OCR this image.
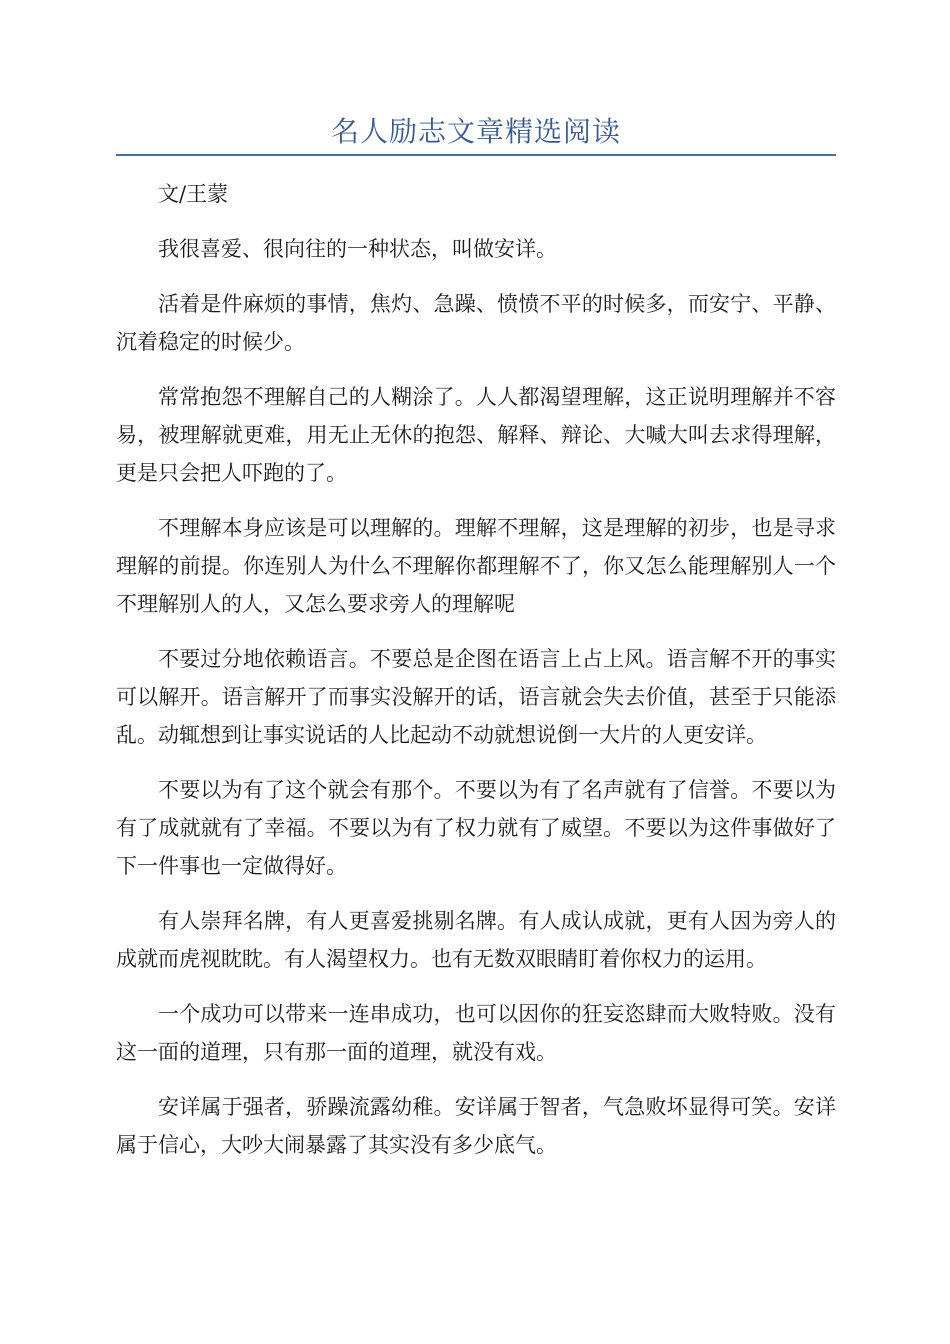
名人励志文章精选阅读

文/王蒙

我很喜爱、很向往的一种状态，叫做安详。

活着是件麻烦的事情，焦灼、急躁、愤愤不平的时候多，而安宁、平静、沉着稳定的时候少。

常常抱怨不理解自己的人糊涂了。人人都渴望理解，这正说明理解并不容易，被理解就更难，用无止无休的抱怨、解释、辩论、大喊大叫去求得理解，更是只会把人吓跑的了。

不理解本身应该是可以理解的。理解不理解，这是理解的初步，也是寻求理解的前提。你连别人为什么不理解你都理解不了，你又怎么能理解别人一个不理解别人的人，又怎么要求旁人的理解呢

不要过分地依赖语言。不要总是企图在语言上占上风。语言解不开的事实可以解开。语言解开了而事实没解开的话，语言就会失去价值，甚至于只能添乱。动辄想到让事实说话的人比起动不动就想说倒一大片的人更安详。

不要以为有了这个就会有那个。不要以为有了名声就有了信誉。不要以为有了成就就有了幸福。不要以为有了权力就有了威望。不要以为这件事做好了下一件事也一定做得好。

有人崇拜名牌，有人更喜爱挑剔名牌。有人成认成就，更有人因为旁人的成就而虎视眈眈。有人渴望权力。也有无数双眼睛盯着你权力的运用。

一个成功可以带来一连串成功，也可以因你的狂妄恣肆而大败特败。没有这一面的道理，只有那一面的道理，就没有戏。

安详属于强者，骄躁流露幼稚。安详属于智者，气急败坏显得可笑。安详属于信心，大吵大闹暴露了其实没有多少底气。
